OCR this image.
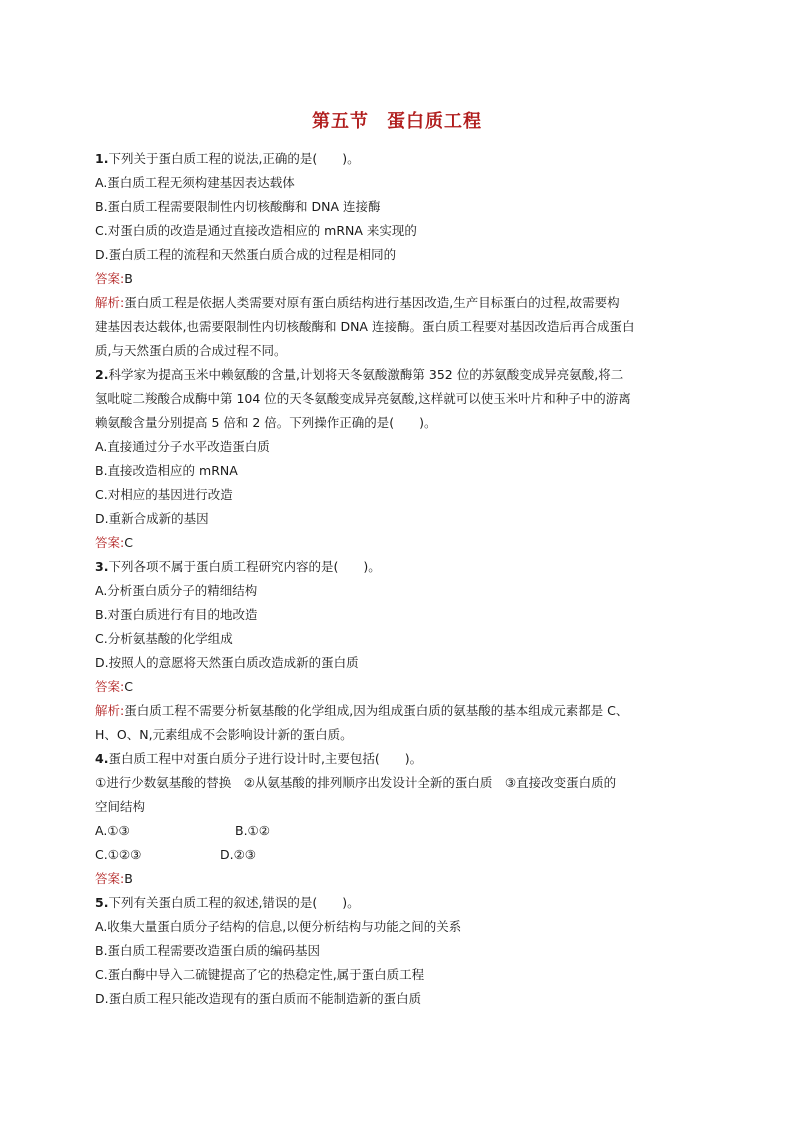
第五节 蛋白质工程
1.下列关于蛋白质工程的说法,正确的是(　　)。
A.蛋白质工程无须构建基因表达载体
B.蛋白质工程需要限制性内切核酸酶和 DNA 连接酶
C.对蛋白质的改造是通过直接改造相应的 mRNA 来实现的
D.蛋白质工程的流程和天然蛋白质合成的过程是相同的
答案:B
解析:蛋白质工程是依据人类需要对原有蛋白质结构进行基因改造,生产目标蛋白的过程,故需要构
建基因表达载体,也需要限制性内切核酸酶和 DNA 连接酶。蛋白质工程要对基因改造后再合成蛋白
质,与天然蛋白质的合成过程不同。
2.科学家为提高玉米中赖氨酸的含量,计划将天冬氨酸激酶第 352 位的苏氨酸变成异亮氨酸,将二
氢吡啶二羧酸合成酶中第 104 位的天冬氨酸变成异亮氨酸,这样就可以使玉米叶片和种子中的游离
赖氨酸含量分别提高 5 倍和 2 倍。下列操作正确的是(　　)。
A.直接通过分子水平改造蛋白质
B.直接改造相应的 mRNA
C.对相应的基因进行改造
D.重新合成新的基因
答案:C
3.下列各项不属于蛋白质工程研究内容的是(　　)。
A.分析蛋白质分子的精细结构
B.对蛋白质进行有目的地改造
C.分析氨基酸的化学组成
D.按照人的意愿将天然蛋白质改造成新的蛋白质
答案:C
解析:蛋白质工程不需要分析氨基酸的化学组成,因为组成蛋白质的氨基酸的基本组成元素都是 C、
H、O、N,元素组成不会影响设计新的蛋白质。
4.蛋白质工程中对蛋白质分子进行设计时,主要包括(　　)。
①进行少数氨基酸的替换　②从氨基酸的排列顺序出发设计全新的蛋白质　③直接改变蛋白质的
空间结构
A.①③	B.①②
C.①②③	D.②③
答案:B
5.下列有关蛋白质工程的叙述,错误的是(　　)。
A.收集大量蛋白质分子结构的信息,以便分析结构与功能之间的关系
B.蛋白质工程需要改造蛋白质的编码基因
C.蛋白酶中导入二硫键提高了它的热稳定性,属于蛋白质工程
D.蛋白质工程只能改造现有的蛋白质而不能制造新的蛋白质
